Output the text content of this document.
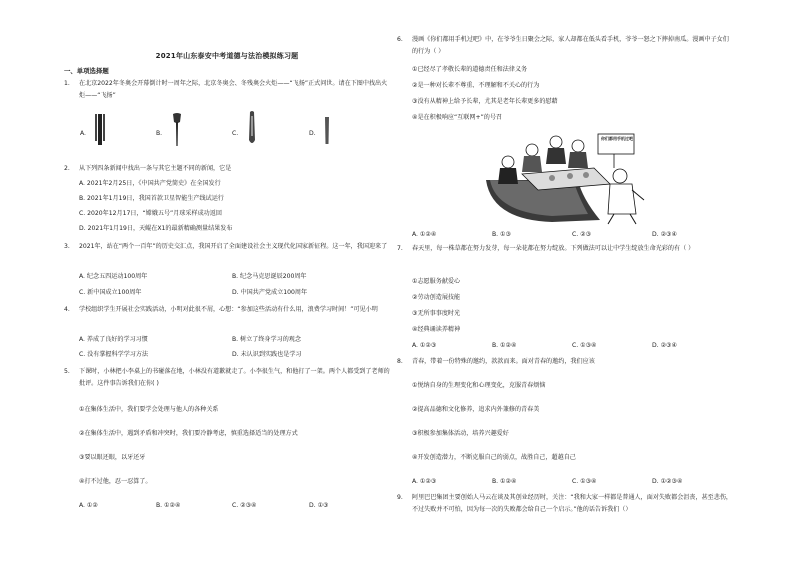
2021年山东泰安中考道德与法治模拟练习题
一、单项选择题
1. 在北京2022年冬奥会开幕倒计时一周年之际，北京冬奥会、冬残奥会火炬——“飞扬”正式问世。请在下图中找出火炬——“飞扬”
A.	B.	C.	D.
2. 从下列四条新闻中找出一条与其它主题不同的新闻，它是
A. 2021年2月25日，《中国共产党简史》在全国发行
B. 2021年1月19日，我国首款卫星智能生产线试运行
C. 2020年12月17日，“嫦娥五号”月球采样成功返回
D. 2021年1月19日，天鲲在X1的最新精确测量结果发布
3. 2021年，站在“两个一百年”的历史交汇点，我国开启了全面建设社会主义现代化国家新征程。这一年，我国迎来了
A. 纪念五四运动100周年	B. 纪念马克思诞辰200周年
C. 新中国成立100周年	D. 中国共产党成立100周年
4. 学校组织学生开展社会实践活动，小明对此很不屑，心想：“参加这些活动有什么用，浪费学习时间！”可见小明
A. 养成了良好的学习习惯	B. 树立了终身学习的观念
C. 没有掌握科学学习方法	D. 未认识到实践也是学习
5. 下课时，小林把小李桌上的书碰落在地，小林没有道歉就走了。小李很生气，和他打了一架。两个人都受到了老师的批评。这件事告诉我们在你( )
①在集体生活中，我们要学会处理与他人的各种关系
②在集体生活中，遇到矛盾和冲突时，我们要冷静考虑，慎重选择适当的处理方式
③要以眼还眼，以牙还牙
④打不过他，忍一忍算了。
A. ①②	B. ①②④	C. ②③④	D. ①③
6. 漫画《你们都用手机过吧》中，在爷爷生日聚会之际，家人却都在低头看手机，爷爷一怒之下摔掉南瓜。漫画中子女们的行为（ ）
①已经尽了孝敬长辈的道德责任和法律义务
②是一种对长辈不尊重、不理解和不关心的行为
③没有从精神上给予长辈，尤其是老年长辈更多的慰藉
④是在积极响应“互联网+”的号召
你们都用手机过吧
A. ①②④	B. ①③	C. ②③	D. ②③④
7. 春天里，每一株草都在努力发芽，每一朵花都在努力绽放。下列做法可以让中学生绽放生命光彩的有（ ）
①志愿服务献爱心
②劳动创造展技能
③无所事事度时光
④经典诵读养精神
A. ①②③	B. ①②④	C. ①③④	D. ②③④
8. 青春，带着一份特殊的邀约，款款而来。面对青春的邀约，我们应该
①悦纳自身的生理变化和心理变化，克服青春烦恼
②提高品德和文化修养，追求内外兼修的青春美
③积极参加集体活动，培养兴趣爱好
④开发创造潜力，不断克服自己的弱点，战胜自己，超越自己
A. ①②③	B. ①②④	C. ①③④	D. ①②③④
9. 阿里巴巴集团主要创始人马云在谈及其创业经历时，关注：“我和大家一样都是普通人，面对失败都会沮丧，甚至悲伤，不过失败并不可怕，因为每一次的失败都会给自己一个启示。”他的话告诉我们（）
